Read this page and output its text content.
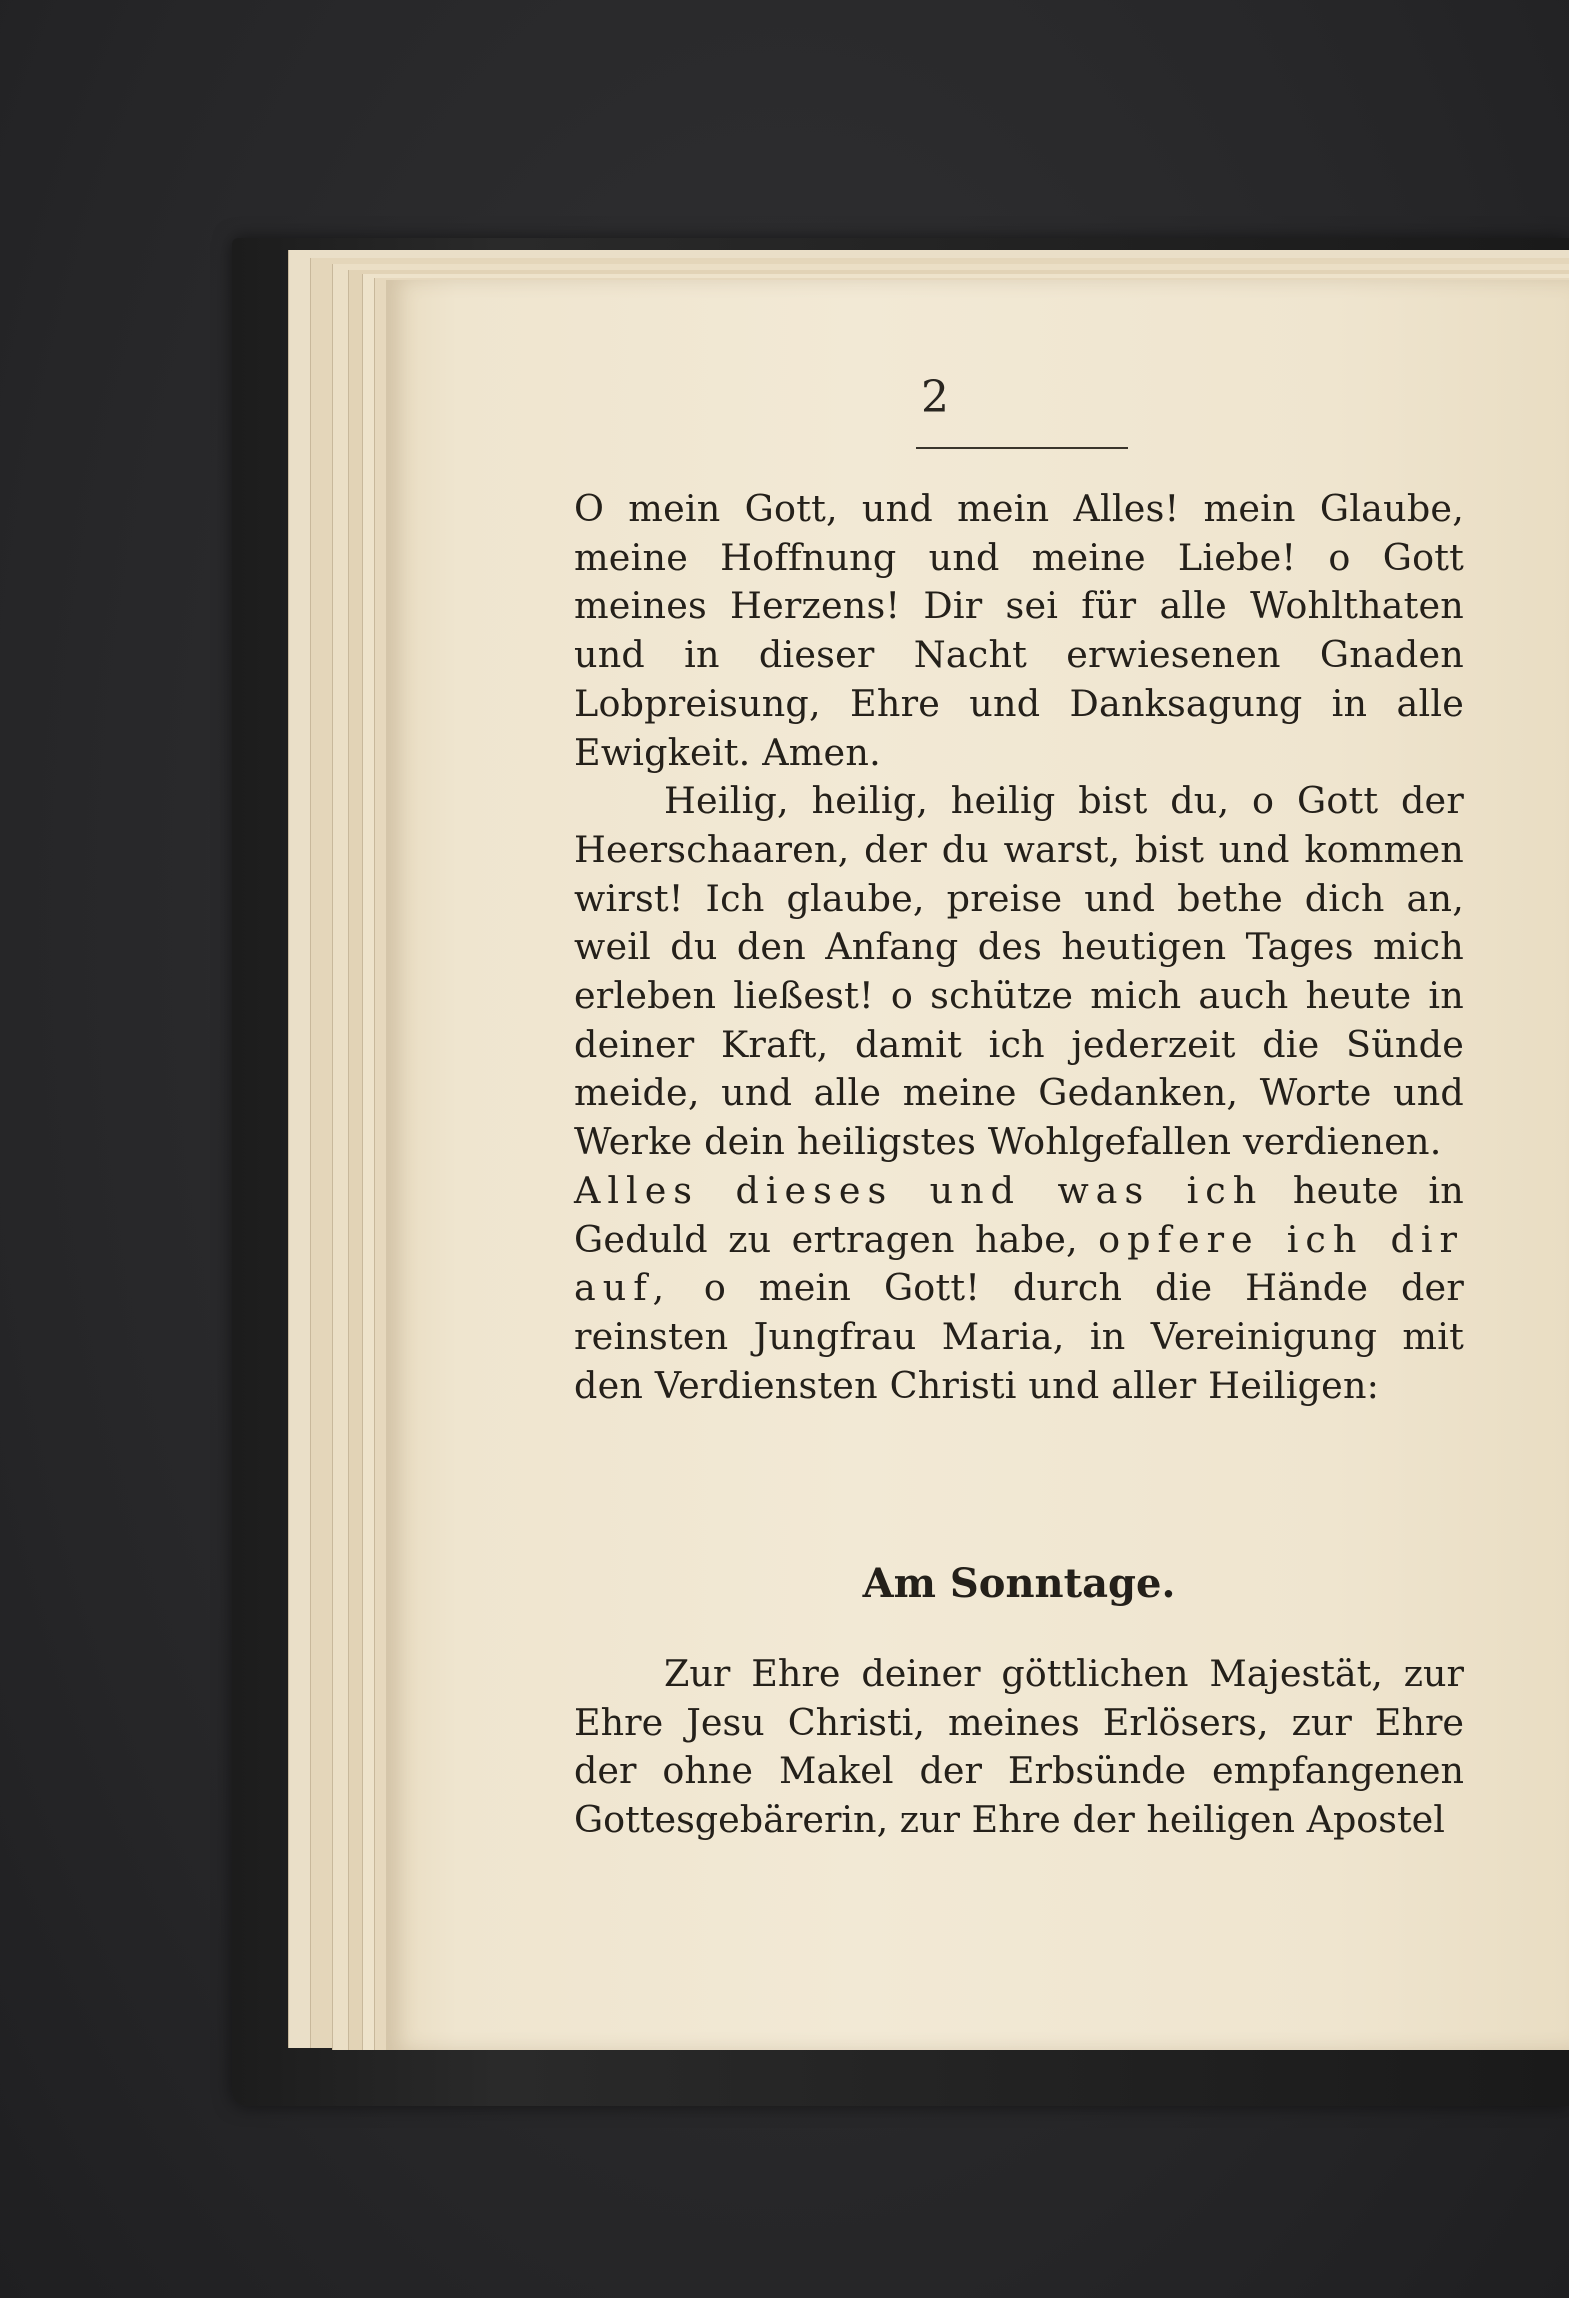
2

O mein Gott, und mein Alles! mein Glaube, meine Hoffnung und meine Liebe! o Gott meines Herzens! Dir sei für alle Wohlthaten und in dieser Nacht erwiesenen Gnaden Lobpreisung, Ehre und Danksagung in alle Ewigkeit. Amen.

Heilig, heilig, heilig bist du, o Gott der Heerschaaren, der du warst, bist und kommen wirst! Ich glaube, preise und bethe dich an, weil du den Anfang des heutigen Tages mich erleben ließest! o schütze mich auch heute in deiner Kraft, damit ich jederzeit die Sünde meide, und alle meine Gedanken, Worte und Werke dein heiligstes Wohlgefallen verdienen.

Alles dieses und was ich heute in Geduld zu ertragen habe, opfere ich dir auf, o mein Gott! durch die Hände der reinsten Jungfrau Maria, in Vereinigung mit den Verdiensten Christi und aller Heiligen:

Am Sonntage.

Zur Ehre deiner göttlichen Majestät, zur Ehre Jesu Christi, meines Erlösers, zur Ehre der ohne Makel der Erbsünde empfangenen Gottesgebärerin, zur Ehre der heiligen Apostel
